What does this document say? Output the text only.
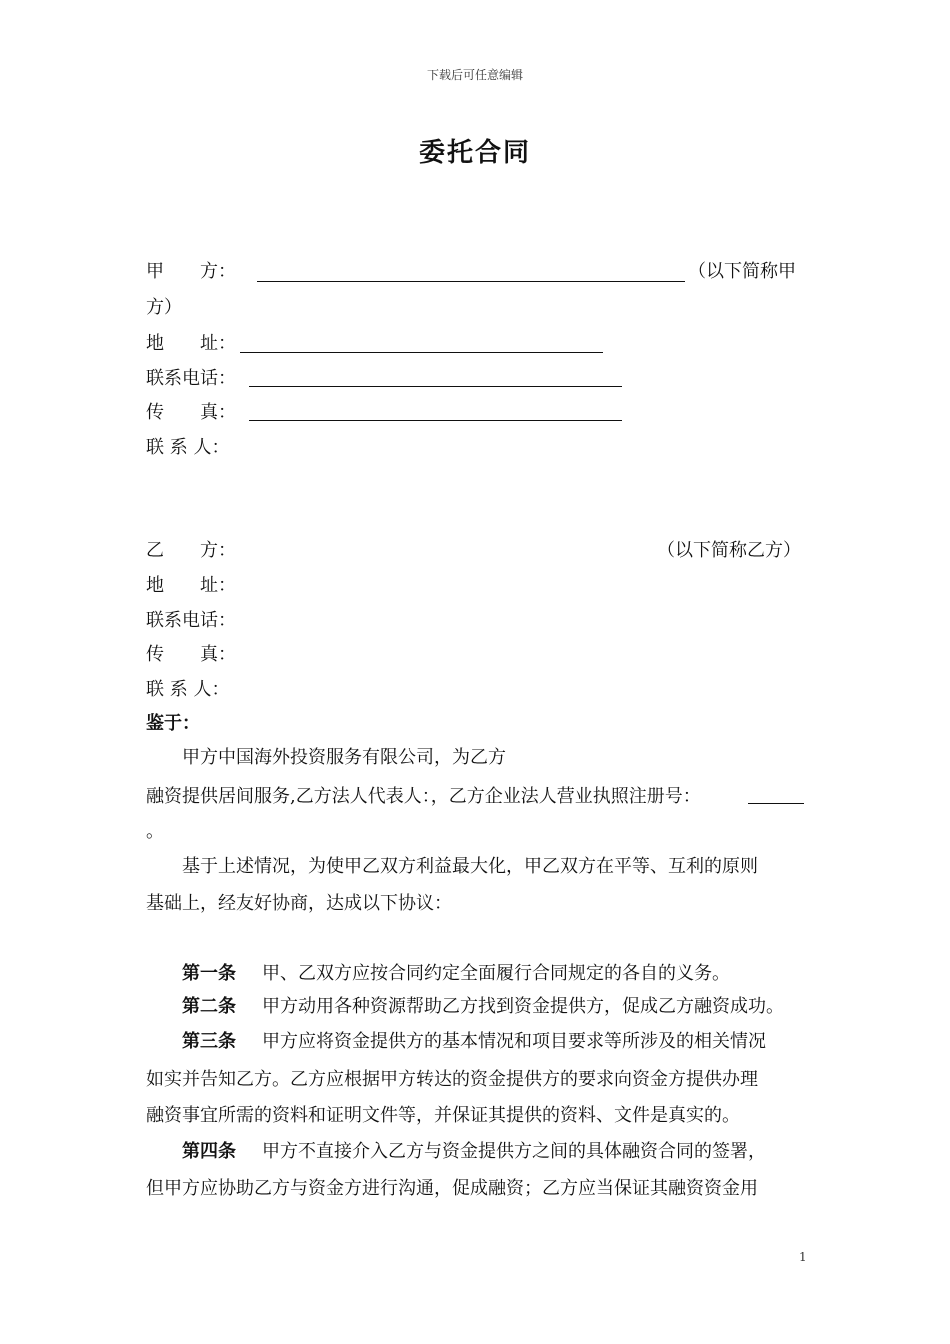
下载后可任意编辑
委托合同
甲　　方：	（以下简称甲
方）
地　　址：
联系电话：
传　　真：
联 系 人：
乙　　方：	（以下简称乙方）
地　　址：
联系电话：
传　　真：
联 系 人：
鉴于：
甲方中国海外投资服务有限公司，为乙方
融资提供居间服务,乙方法人代表人：，乙方企业法人营业执照注册号：
。
基于上述情况，为使甲乙双方利益最大化，甲乙双方在平等、互利的原则
基础上，经友好协商，达成以下协议：
第一条 甲、乙双方应按合同约定全面履行合同规定的各自的义务。
第二条 甲方动用各种资源帮助乙方找到资金提供方，促成乙方融资成功。
第三条 甲方应将资金提供方的基本情况和项目要求等所涉及的相关情况
如实并告知乙方。乙方应根据甲方转达的资金提供方的要求向资金方提供办理
融资事宜所需的资料和证明文件等，并保证其提供的资料、文件是真实的。
第四条 甲方不直接介入乙方与资金提供方之间的具体融资合同的签署，
但甲方应协助乙方与资金方进行沟通，促成融资；乙方应当保证其融资资金用
1
